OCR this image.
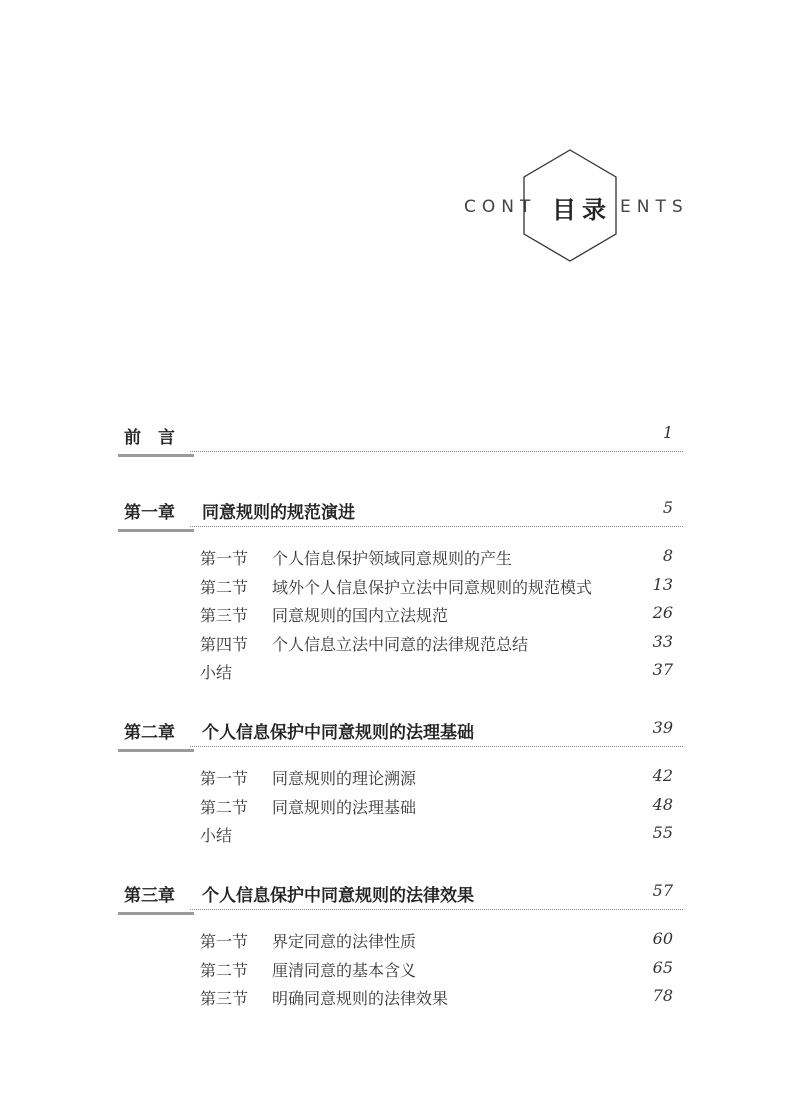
CONT 目录 ENTS
前　言	1
第一章	同意规则的规范演进	5
第一节 个人信息保护领域同意规则的产生	8
第二节 域外个人信息保护立法中同意规则的规范模式	13
第三节 同意规则的国内立法规范	26
第四节 个人信息立法中同意的法律规范总结	33
小结	37
第二章	个人信息保护中同意规则的法理基础	39
第一节 同意规则的理论溯源	42
第二节 同意规则的法理基础	48
小结	55
第三章	个人信息保护中同意规则的法律效果	57
第一节 界定同意的法律性质	60
第二节 厘清同意的基本含义	65
第三节 明确同意规则的法律效果	78
